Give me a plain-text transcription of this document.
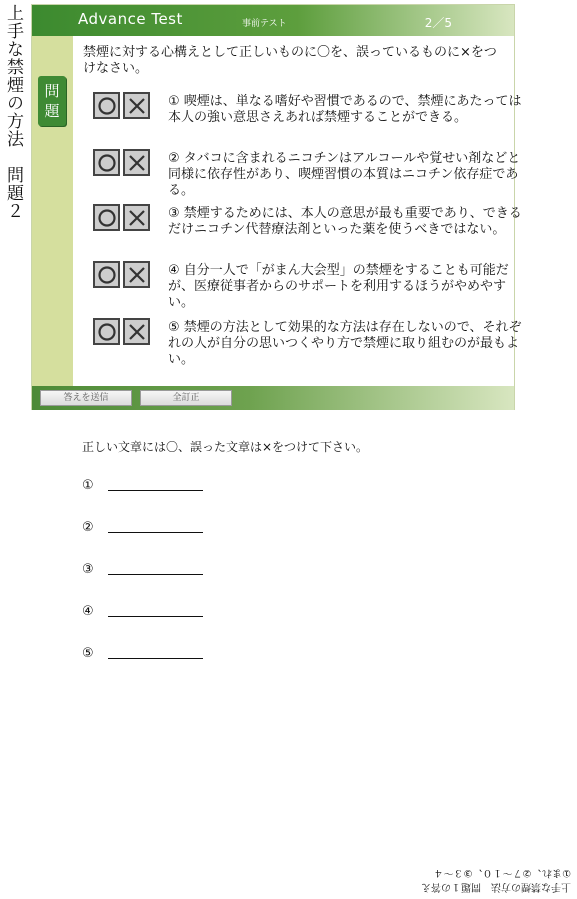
上手な禁煙の方法　問題２	Advance Test	事前テスト	2／5
問
題
禁煙に対する心構えとして正しいものに〇を、誤っているものに×をつけなさい。
① 喫煙は、単なる嗜好や習慣であるので、禁煙にあたっては本人の強い意思さえあれば禁煙することができる。
② タバコに含まれるニコチンはアルコールや覚せい剤などと同様に依存性があり、喫煙習慣の本質はニコチン依存症である。
③ 禁煙するためには、本人の意思が最も重要であり、できるだけニコチン代替療法剤といった薬を使うべきではない。
④ 自分一人で「がまん大会型」の禁煙をすることも可能だが、医療従事者からのサポートを利用するほうがやめやすい。
⑤ 禁煙の方法として効果的な方法は存在しないので、それぞれの人が自分の思いつくやり方で禁煙に取り組むのが最もよい。
答えを送信	全訂正
正しい文章には〇、誤った文章は×をつけて下さい。
①
②
③
④
⑤
上手な禁煙の方法　問題１の答え
①まれ、②７～１０、③３～４
